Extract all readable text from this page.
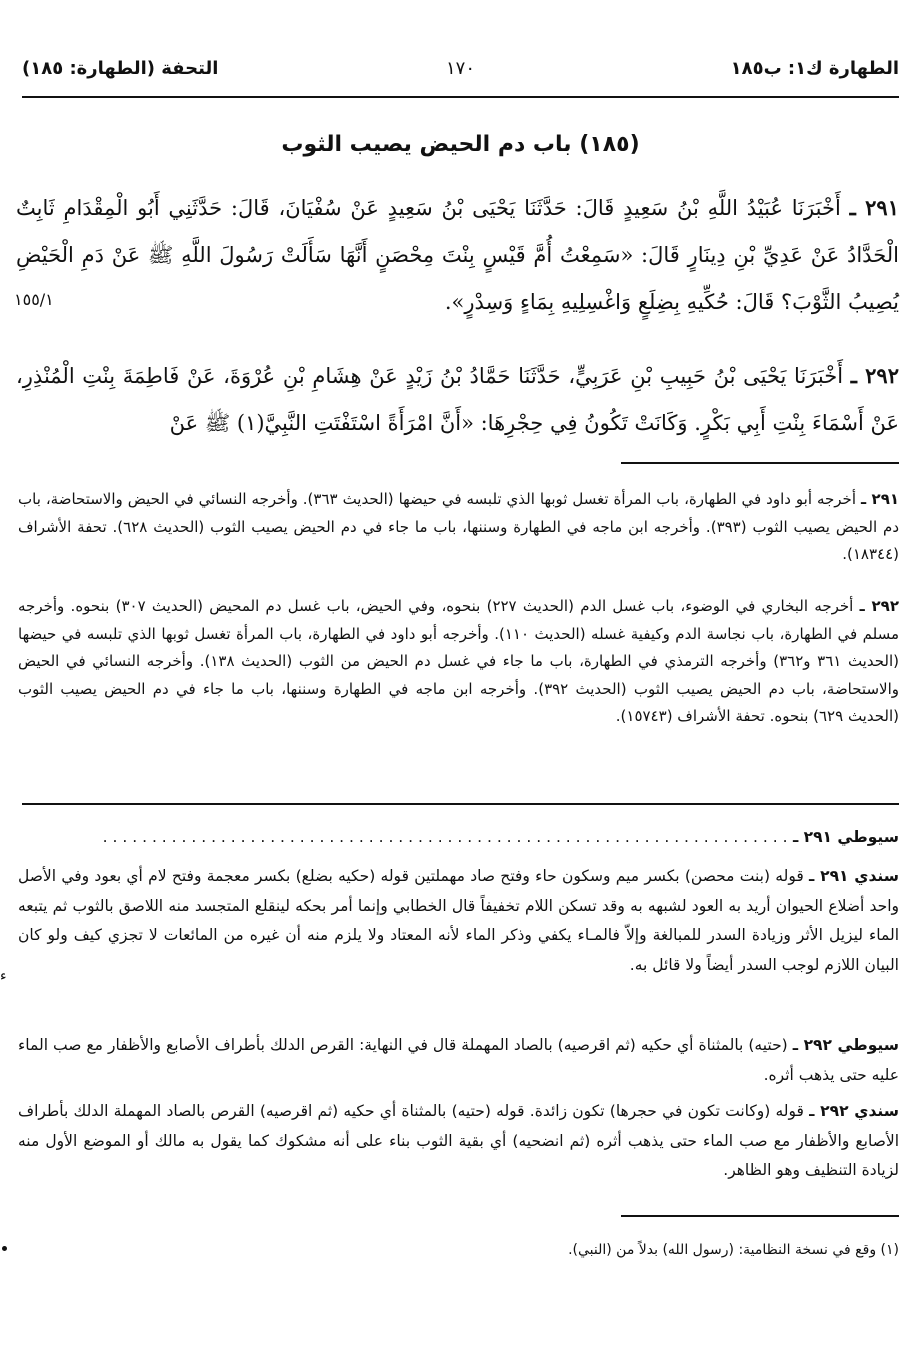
الطهارة ك١: ب١٨٥
١٧٠
التحفة (الطهارة: ١٨٥)
(١٨٥) باب دم الحيض يصيب الثوب
٢٩١ ـ أَخْبَرَنَا عُبَيْدُ اللَّهِ بْنُ سَعِيدٍ قَالَ: حَدَّثَنَا يَحْيَى بْنُ سَعِيدٍ عَنْ سُفْيَانَ، قَالَ: حَدَّثَنِي أَبُو الْمِقْدَامِ ثَابِتٌ الْحَدَّادُ عَنْ عَدِيِّ بْنِ دِينَارٍ قَالَ: «سَمِعْتُ أُمَّ قَيْسٍ بِنْتَ مِحْصَنٍ أَنَّهَا سَأَلَتْ رَسُولَ اللَّهِ ﷺ عَنْ دَمِ الْحَيْضِ يُصِيبُ الثَّوْبَ؟ قَالَ: حُكِّيهِ بِضِلَعٍ وَاغْسِلِيهِ بِمَاءٍ وَسِدْرٍ».
١٥٥/١
٢٩٢ ـ أَخْبَرَنَا يَحْيَى بْنُ حَبِيبِ بْنِ عَرَبِيٍّ، حَدَّثَنَا حَمَّادُ بْنُ زَيْدٍ عَنْ هِشَامِ بْنِ عُرْوَةَ، عَنْ فَاطِمَةَ بِنْتِ الْمُنْذِرِ، عَنْ أَسْمَاءَ بِنْتِ أَبِي بَكْرٍ. وَكَانَتْ تَكُونُ فِي حِجْرِهَا: «أَنَّ امْرَأَةً اسْتَفْتَتِ النَّبِيَّ(١) ﷺ عَنْ
٢٩١ ـ أخرجه أبو داود في الطهارة، باب المرأة تغسل ثوبها الذي تلبسه في حيضها (الحديث ٣٦٣). وأخرجه النسائي في الحيض والاستحاضة، باب دم الحيض يصيب الثوب (٣٩٣). وأخرجه ابن ماجه في الطهارة وسننها، باب ما جاء في دم الحيض يصيب الثوب (الحديث ٦٢٨). تحفة الأشراف (١٨٣٤٤).
٢٩٢ ـ أخرجه البخاري في الوضوء، باب غسل الدم (الحديث ٢٢٧) بنحوه، وفي الحيض، باب غسل دم المحيض (الحديث ٣٠٧) بنحوه. وأخرجه مسلم في الطهارة، باب نجاسة الدم وكيفية غسله (الحديث ١١٠). وأخرجه أبو داود في الطهارة، باب المرأة تغسل ثوبها الذي تلبسه في حيضها (الحديث ٣٦١ و٣٦٢) وأخرجه الترمذي في الطهارة، باب ما جاء في غسل دم الحيض من الثوب (الحديث ١٣٨). وأخرجه النسائي في الحيض والاستحاضة، باب دم الحيض يصيب الثوب (الحديث ٣٩٢). وأخرجه ابن ماجه في الطهارة وسننها، باب ما جاء في دم الحيض يصيب الثوب (الحديث ٦٢٩) بنحوه. تحفة الأشراف (١٥٧٤٣).
سيوطي ٢٩١ ـ . . . . . . . . . . . . . . . . . . . . . . . . . . . . . . . . . . . . . . . . . . . . . . . . . . . . . . . . . . . . . . . . . . . . . .
سندي ٢٩١ ـ قوله (بنت محصن) بكسر ميم وسكون حاء وفتح صاد مهملتين قوله (حكيه بضلع) بكسر معجمة وفتح لام أي بعود وفي الأصل واحد أضلاع الحيوان أريد به العود لشبهه به وقد تسكن اللام تخفيفاً قال الخطابي وإنما أمر بحكه لينقلع المتجسد منه اللاصق بالثوب ثم يتبعه الماء ليزيل الأثر وزيادة السدر للمبالغة وإلاّ فالمـاء يكفي وذكر الماء لأنه المعتاد ولا يلزم منه أن غيره من المائعات لا تجزي كيف ولو كان البيان اللازم لوجب السدر أيضاً ولا قائل به.
سيوطي ٢٩٢ ـ (حتيه) بالمثناة أي حكيه (ثم اقرصيه) بالصاد المهملة قال في النهاية: القرص الدلك بأطراف الأصابع والأظفار مع صب الماء عليه حتى يذهب أثره.
سندي ٢٩٢ ـ قوله (وكانت تكون في حجرها) تكون زائدة. قوله (حتيه) بالمثناة أي حكيه (ثم اقرصيه) القرص بالصاد المهملة الدلك بأطراف الأصابع والأظفار مع صب الماء حتى يذهب أثره (ثم انضحيه) أي بقية الثوب بناء على أنه مشكوك كما يقول به مالك أو الموضع الأول منه لزيادة التنظيف وهو الظاهر.
(١) وقع في نسخة النظامية: (رسول الله) بدلاً من (النبي).
ﺀ
